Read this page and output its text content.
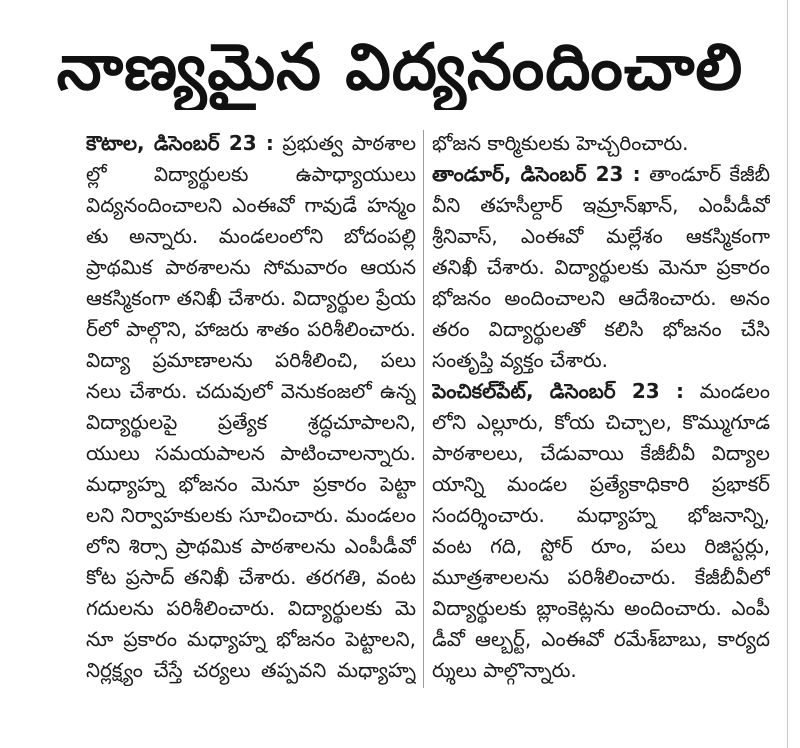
నాణ్యమైన విద్యనందించాలి
కౌటాల, డిసెంబర్ 23 : ప్రభుత్వ పాఠశాల
ల్లో విద్యార్థులకు ఉపాధ్యాయులు
విద్యనందించాలని ఎంఈవో గావుడే హన్మం
తు అన్నారు. మండలంలోని బోదంపల్లి
ప్రాథమిక పాఠశాలను సోమవారం ఆయన
ఆకస్మికంగా తనిఖీ చేశారు. విద్యార్థుల ప్రేయ
ర్‌లో పాల్గొని, హాజరు శాతం పరిశీలించారు.
విద్యా ప్రమాణాలను పరిశీలించి, పలు
నలు చేశారు. చదువులో వెనుకంజలో ఉన్న
విద్యార్థులపై ప్రత్యేక శ్రద్ధచూపాలని,
యులు సమయపాలన పాటించాలన్నారు.
మధ్యాహ్న భోజనం మెనూ ప్రకారం పెట్టా
లని నిర్వాహకులకు సూచించారు. మండలం
లోని శిర్సా ప్రాథమిక పాఠశాలను ఎంపీడీవో
కోట ప్రసాద్ తనిఖీ చేశారు. తరగతి, వంట
గదులను పరిశీలించారు. విద్యార్థులకు మె
నూ ప్రకారం మధ్యాహ్న భోజనం పెట్టాలని,
నిర్లక్ష్యం చేస్తే చర్యలు తప్పవని మధ్యాహ్న
భోజన కార్మికులకు హెచ్చరించారు.
తాండూర్, డిసెంబర్ 23 : తాండూర్ కేజీబీ
వీని తహసీల్దార్ ఇమ్రాన్‌ఖాన్, ఎంపీడీవో
శ్రీనివాస్, ఎంఈవో మల్లేశం ఆకస్మికంగా
తనిఖీ చేశారు. విద్యార్థులకు మెనూ ప్రకారం
భోజనం అందించాలని ఆదేశించారు. అనం
తరం విద్యార్థులతో కలిసి భోజనం చేసి
సంతృప్తి వ్యక్తం చేశారు.
పెంచికల్‌పేట్, డిసెంబర్ 23 : మండలం
లోని ఎల్లూరు, కోయ చిచ్చాల, కొమ్ముగూడ
పాఠశాలలు, చేడువాయి కేజీబీవీ విద్యాల
యాన్ని మండల ప్రత్యేకాధికారి ప్రభాకర్
సందర్శించారు. మధ్యాహ్న భోజనాన్ని,
వంట గది, స్టోర్ రూం, పలు రిజిస్టర్లు,
మూత్రశాలలను పరిశీలించారు. కేజీబీవీలో
విద్యార్థులకు బ్లాంకెట్లను అందించారు. ఎంపీ
డీవో ఆల్బర్ట్, ఎంఈవో రమేశ్‌బాబు, కార్యద
ర్శులు పాల్గొన్నారు.
